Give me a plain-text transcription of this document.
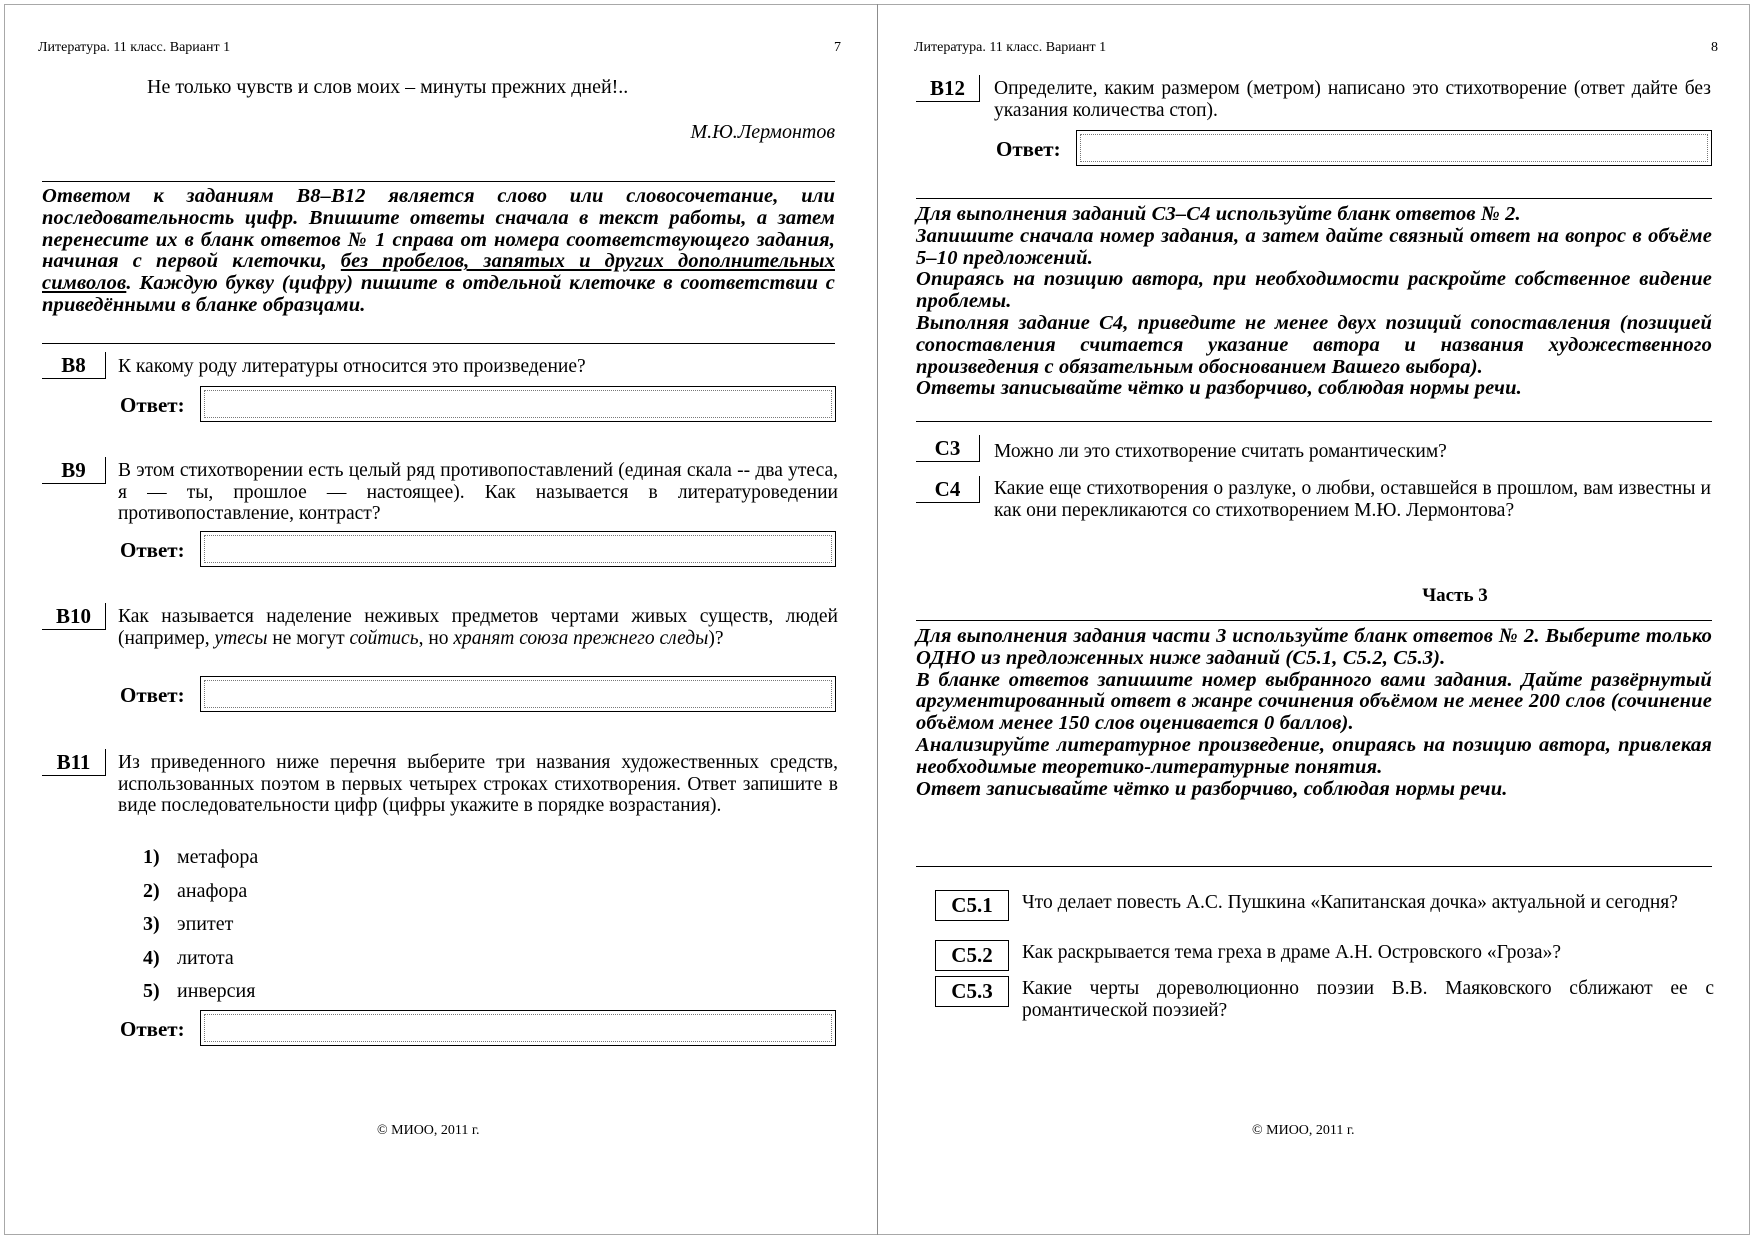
Литература. 11 класс. Вариант 1	7
Не только чувств и слов моих – минуты прежних дней!..
М.Ю.Лермонтов
Ответом к заданиям В8–В12 является слово или словосочетание, или последовательность цифр. Впишите ответы сначала в текст работы, а затем перенесите их в бланк ответов № 1 справа от номера соответствующего задания, начиная с первой клеточки, без пробелов, запятых и других дополнительных символов. Каждую букву (цифру) пишите в отдельной клеточке в соответствии с приведёнными в бланке образцами.
B8	К какому роду литературы относится это произведение?
Ответ:
B9	В этом стихотворении есть целый ряд противопоставлений (единая скала -- два утеса, я — ты, прошлое — настоящее). Как называется в литературоведении противопоставление, контраст?
Ответ:
B10	Как называется наделение неживых предметов чертами живых существ, людей (например, утесы не могут сойтись, но хранят союза прежнего следы)?
Ответ:
B11	Из приведенного ниже перечня выберите три названия художественных средств, использованных поэтом в первых четырех строках стихотворения. Ответ запишите в виде последовательности цифр (цифры укажите в порядке возрастания).
1) метафора
2) анафора
3) эпитет
4) литота
5) инверсия
Ответ:
© МИОО, 2011 г.
Литература. 11 класс. Вариант 1	8
B12	Определите, каким размером (метром) написано это стихотворение (ответ дайте без указания количества стоп).
Ответ:
Для выполнения заданий С3–С4 используйте бланк ответов № 2.
Запишите сначала номер задания, а затем дайте связный ответ на вопрос в объёме 5–10 предложений.
Опираясь на позицию автора, при необходимости раскройте собственное видение проблемы.
Выполняя задание С4, приведите не менее двух позиций сопоставления (позицией сопоставления считается указание автора и названия художественного произведения с обязательным обоснованием Вашего выбора).
Ответы записывайте чётко и разборчиво, соблюдая нормы речи.
C3	Можно ли это стихотворение считать романтическим?
C4	Какие еще стихотворения о разлуке, о любви, оставшейся в прошлом, вам известны и как они перекликаются со стихотворением М.Ю. Лермонтова?
Часть 3
Для выполнения задания части 3 используйте бланк ответов № 2. Выберите только ОДНО из предложенных ниже заданий (С5.1, С5.2, С5.3).
В бланке ответов запишите номер выбранного вами задания. Дайте развёрнутый аргументированный ответ в жанре сочинения объёмом не менее 200 слов (сочинение объёмом менее 150 слов оценивается 0 баллов).
Анализируйте литературное произведение, опираясь на позицию автора, привлекая необходимые теоретико-литературные понятия.
Ответ записывайте чётко и разборчиво, соблюдая нормы речи.
C5.1	Что делает повесть А.С. Пушкина «Капитанская дочка» актуальной и сегодня?
C5.2	Как раскрывается тема греха в драме А.Н. Островского «Гроза»?
C5.3	Какие черты дореволюционно поэзии В.В. Маяковского сближают ее с романтической поэзией?
© МИОО, 2011 г.
